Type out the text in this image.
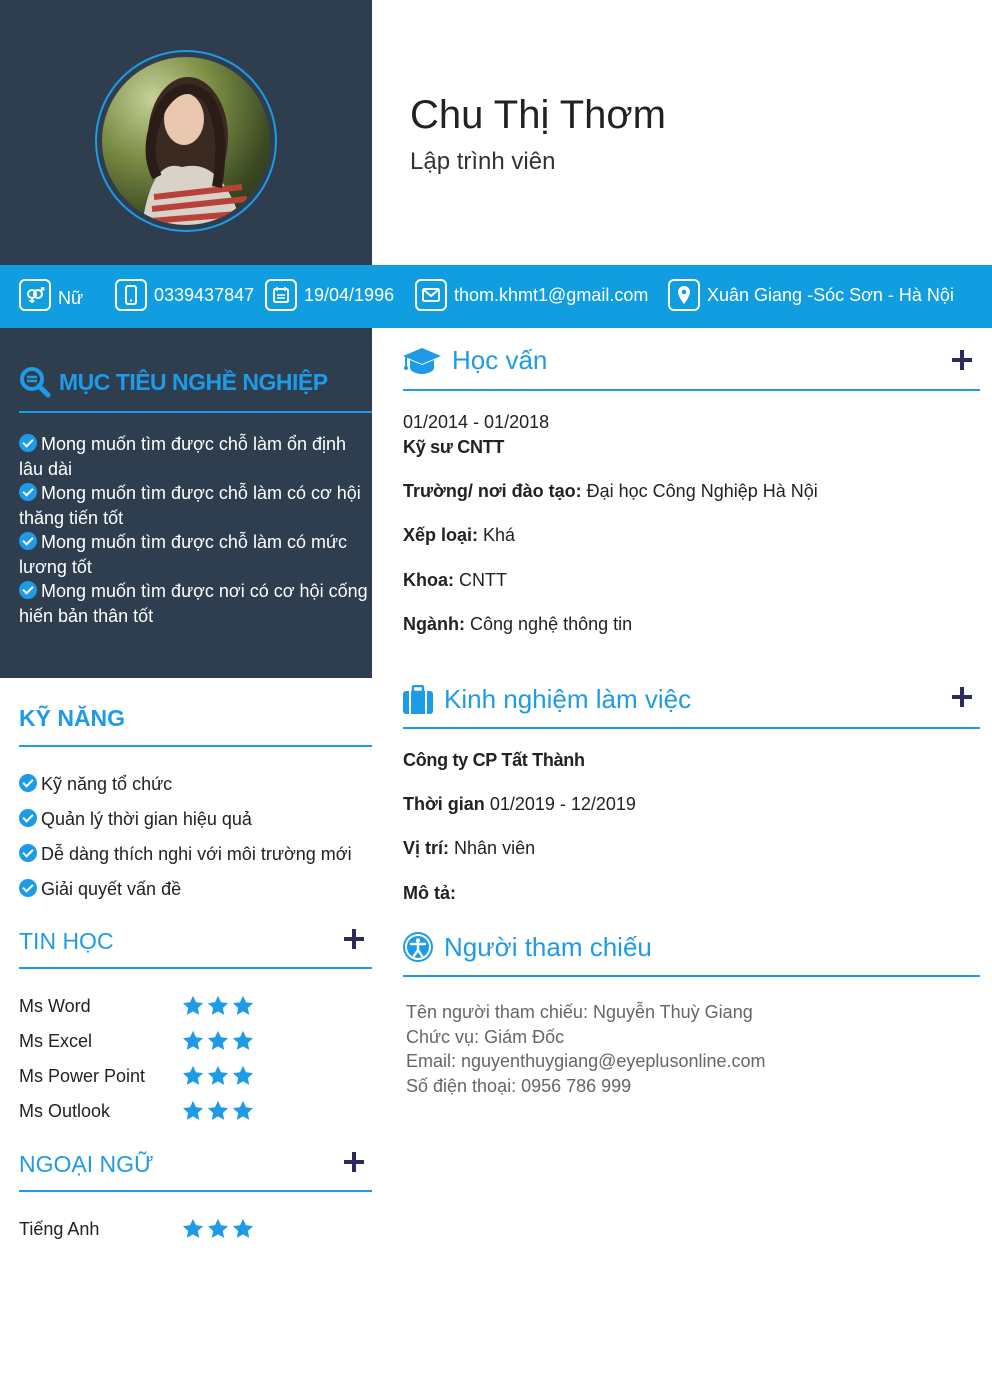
Chu Thị Thơm
Lập trình viên
Nữ	0339437847	19/04/1996	thom.khmt1@gmail.com	Xuân Giang -Sóc Sơn - Hà Nội
MỤC TIÊU NGHỀ NGHIỆP
Mong muốn tìm được chỗ làm ổn định lâu dài
Mong muốn tìm được chỗ làm có cơ hội thăng tiến tốt
Mong muốn tìm được chỗ làm có mức lương tốt
Mong muốn tìm được nơi có cơ hội cống hiến bản thân tốt
KỸ NĂNG
Kỹ năng tổ chức
Quản lý thời gian hiệu quả
Dễ dàng thích nghi với môi trường mới
Giải quyết vấn đề
TIN HỌC
Ms Word
Ms Excel
Ms Power Point
Ms Outlook
NGOẠI NGỮ
Tiếng Anh
Học vấn
01/2014 - 01/2018
Kỹ sư CNTT
Trường/ nơi đào tạo: Đại học Công Nghiệp Hà Nội
Xếp loại: Khá
Khoa: CNTT
Ngành: Công nghệ thông tin
Kinh nghiệm làm việc
Công ty CP Tất Thành
Thời gian 01/2019 - 12/2019
Vị trí: Nhân viên
Mô tả:
Người tham chiếu
Tên người tham chiếu: Nguyễn Thuỳ Giang
Chức vụ: Giám Đốc
Email: nguyenthuygiang@eyeplusonline.com
Số điện thoại: 0956 786 999
